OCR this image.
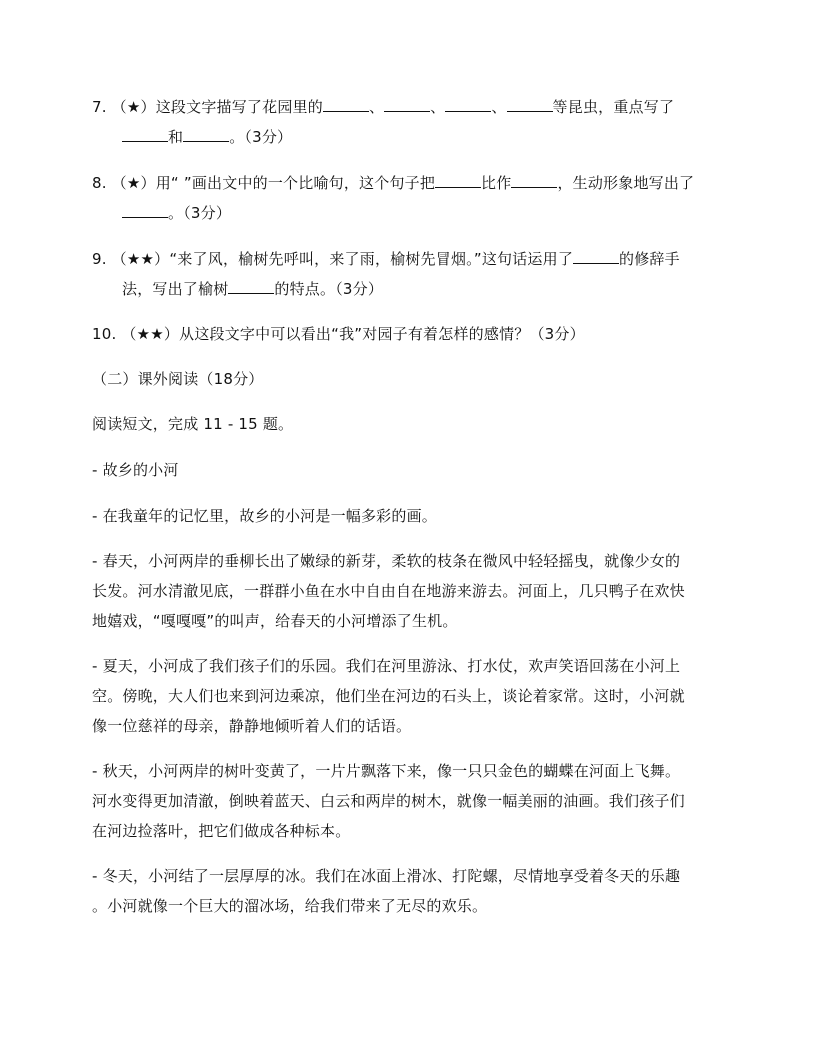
7. （★）这段文字描写了花园里的	、	、	、	等昆虫，重点写了
和	。（3分）
8. （★）用“ ”画出文中的一个比喻句，这个句子把	比作	，生动形象地写出了
。（3分）
9. （★★）“来了风，榆树先呼叫，来了雨，榆树先冒烟。”这句话运用了	的修辞手
法，写出了榆树	的特点。（3分）
10. （★★）从这段文字中可以看出“我”对园子有着怎样的感情？（3分）
（二）课外阅读（18分）
阅读短文，完成 11 - 15 题。
- 故乡的小河
- 在我童年的记忆里，故乡的小河是一幅多彩的画。
- 春天，小河两岸的垂柳长出了嫩绿的新芽，柔软的枝条在微风中轻轻摇曳，就像少女的
长发。河水清澈见底，一群群小鱼在水中自由自在地游来游去。河面上，几只鸭子在欢快
地嬉戏，“嘎嘎嘎”的叫声，给春天的小河增添了生机。
- 夏天，小河成了我们孩子们的乐园。我们在河里游泳、打水仗，欢声笑语回荡在小河上
空。傍晚，大人们也来到河边乘凉，他们坐在河边的石头上，谈论着家常。这时，小河就
像一位慈祥的母亲，静静地倾听着人们的话语。
- 秋天，小河两岸的树叶变黄了，一片片飘落下来，像一只只金色的蝴蝶在河面上飞舞。
河水变得更加清澈，倒映着蓝天、白云和两岸的树木，就像一幅美丽的油画。我们孩子们
在河边捡落叶，把它们做成各种标本。
- 冬天，小河结了一层厚厚的冰。我们在冰面上滑冰、打陀螺，尽情地享受着冬天的乐趣
。小河就像一个巨大的溜冰场，给我们带来了无尽的欢乐。
